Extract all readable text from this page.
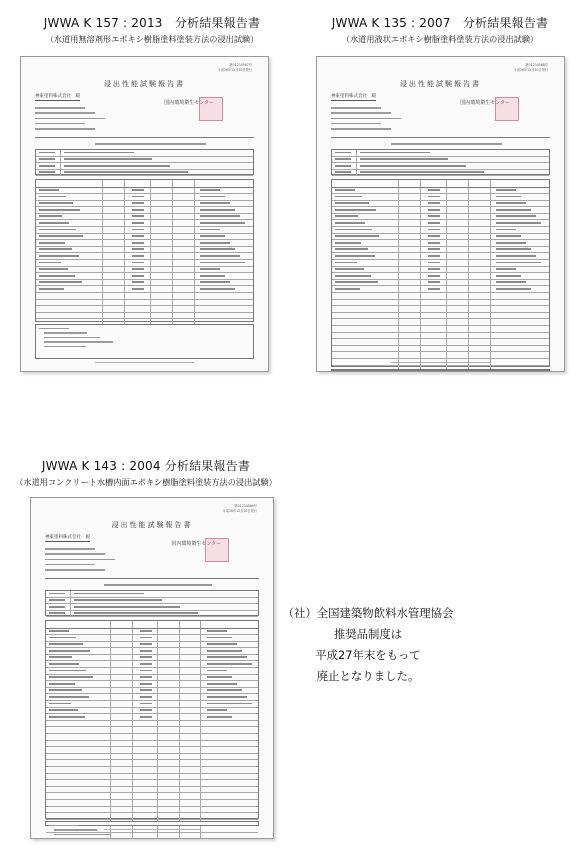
JWWA K 157 : 2013　分析結果報告書
（水道用無溶剤形エポキシ樹脂塗料塗装方法の浸出試験）
第01234567号
平成26年12月20日発行
浸出性能試験報告書
神東塗料株式会社　殿
国内環境衛生センター
JWWA K 135 : 2007　分析結果報告書
（水道用液状エポキシ樹脂塗料塗装方法の浸出試験）
第01234568号
平成26年12月20日発行
浸出性能試験報告書
神東塗料株式会社　殿
国内環境衛生センター
JWWA K 143 : 2004 分析結果報告書
（水道用コンクリート水槽内面エポキシ樹脂塗料塗装方法の浸出試験）
第01234569号
平成26年12月20日発行
浸出性能試験報告書
神東塗料株式会社　殿
国内環境衛生センター
（社）全国建築物飲料水管理協会
推奨品制度は
平成27年末をもって
廃止となりました。
